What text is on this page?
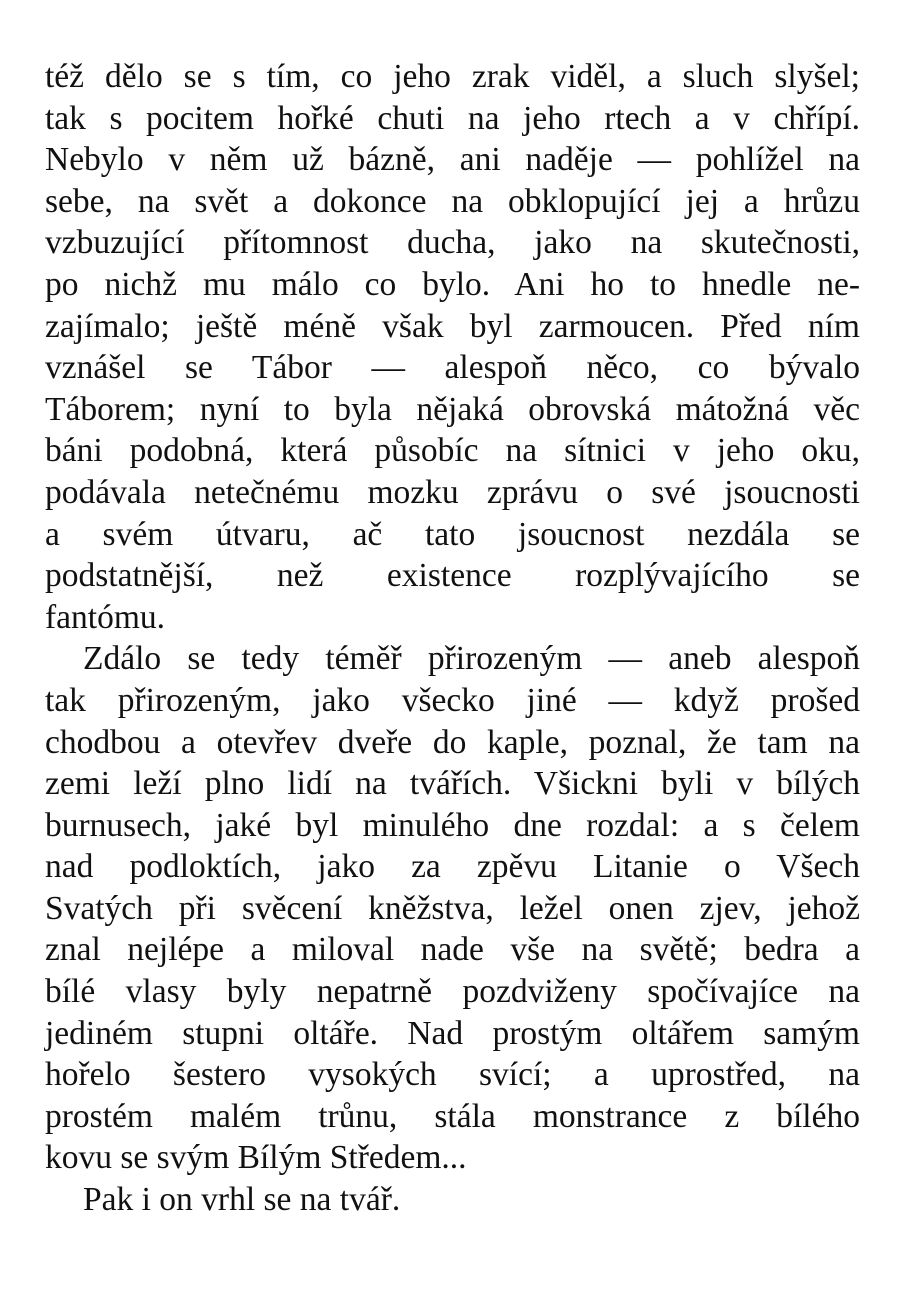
též dělo se s tím, co jeho zrak viděl, a sluch slyšel;
tak s pocitem hořké chuti na jeho rtech a v chřípí.
Nebylo v něm už bázně, ani naděje — pohlížel na
sebe, na svět a dokonce na obklopující jej a hrůzu
vzbuzující přítomnost ducha, jako na skutečnosti,
po nichž mu málo co bylo. Ani ho to hnedle ne-
zajímalo; ještě méně však byl zarmoucen. Před ním
vznášel se Tábor — alespoň něco, co bývalo
Táborem; nyní to byla nějaká obrovská mátožná věc
báni podobná, která působíc na sítnici v jeho oku,
podávala netečnému mozku zprávu o své jsoucnosti
a svém útvaru, ač tato jsoucnost nezdála se
podstatnější, než existence rozplývajícího se
fantómu.
Zdálo se tedy téměř přirozeným — aneb alespoň
tak přirozeným, jako všecko jiné — když prošed
chodbou a otevřev dveře do kaple, poznal, že tam na
zemi leží plno lidí na tvářích. Všickni byli v bílých
burnusech, jaké byl minulého dne rozdal: a s čelem
nad podloktích, jako za zpěvu Litanie o Všech
Svatých při svěcení kněžstva, ležel onen zjev, jehož
znal nejlépe a miloval nade vše na světě; bedra a
bílé vlasy byly nepatrně pozdviženy spočívajíce na
jediném stupni oltáře. Nad prostým oltářem samým
hořelo šestero vysokých svící; a uprostřed, na
prostém malém trůnu, stála monstrance z bílého
kovu se svým Bílým Středem...
Pak i on vrhl se na tvář.
